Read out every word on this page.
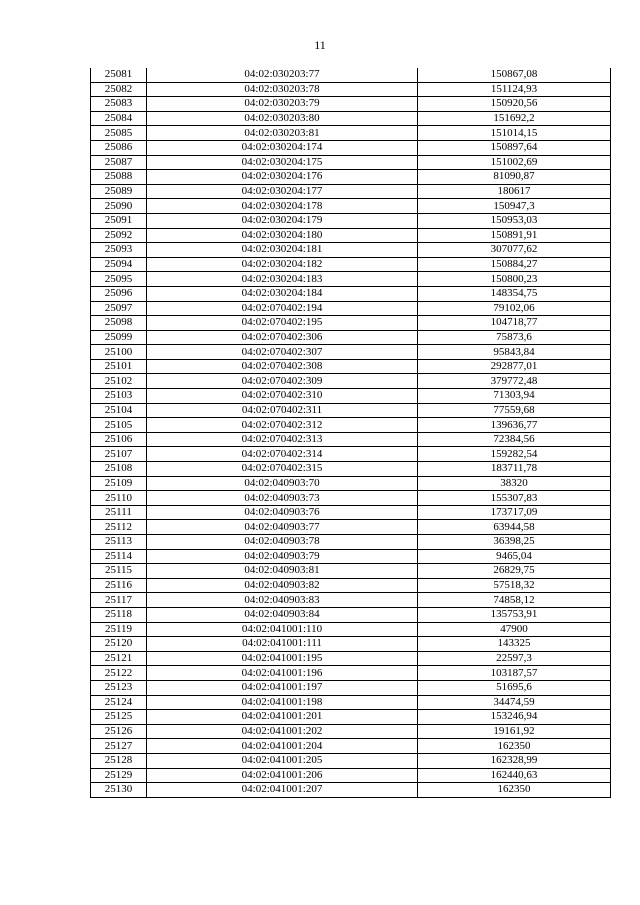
11
25081	04:02:030203:77	150867,08
25082	04:02:030203:78	151124,93
25083	04:02:030203:79	150920,56
25084	04:02:030203:80	151692,2
25085	04:02:030203:81	151014,15
25086	04:02:030204:174	150897,64
25087	04:02:030204:175	151002,69
25088	04:02:030204:176	81090,87
25089	04:02:030204:177	180617
25090	04:02:030204:178	150947,3
25091	04:02:030204:179	150953,03
25092	04:02:030204:180	150891,91
25093	04:02:030204:181	307077,62
25094	04:02:030204:182	150884,27
25095	04:02:030204:183	150800,23
25096	04:02:030204:184	148354,75
25097	04:02:070402:194	79102,06
25098	04:02:070402:195	104718,77
25099	04:02:070402:306	75873,6
25100	04:02:070402:307	95843,84
25101	04:02:070402:308	292877,01
25102	04:02:070402:309	379772,48
25103	04:02:070402:310	71303,94
25104	04:02:070402:311	77559,68
25105	04:02:070402:312	139636,77
25106	04:02:070402:313	72384,56
25107	04:02:070402:314	159282,54
25108	04:02:070402:315	183711,78
25109	04:02:040903:70	38320
25110	04:02:040903:73	155307,83
25111	04:02:040903:76	173717,09
25112	04:02:040903:77	63944,58
25113	04:02:040903:78	36398,25
25114	04:02:040903:79	9465,04
25115	04:02:040903:81	26829,75
25116	04:02:040903:82	57518,32
25117	04:02:040903:83	74858,12
25118	04:02:040903:84	135753,91
25119	04:02:041001:110	47900
25120	04:02:041001:111	143325
25121	04:02:041001:195	22597,3
25122	04:02:041001:196	103187,57
25123	04:02:041001:197	51695,6
25124	04:02:041001:198	34474,59
25125	04:02:041001:201	153246,94
25126	04:02:041001:202	19161,92
25127	04:02:041001:204	162350
25128	04:02:041001:205	162328,99
25129	04:02:041001:206	162440,63
25130	04:02:041001:207	162350
